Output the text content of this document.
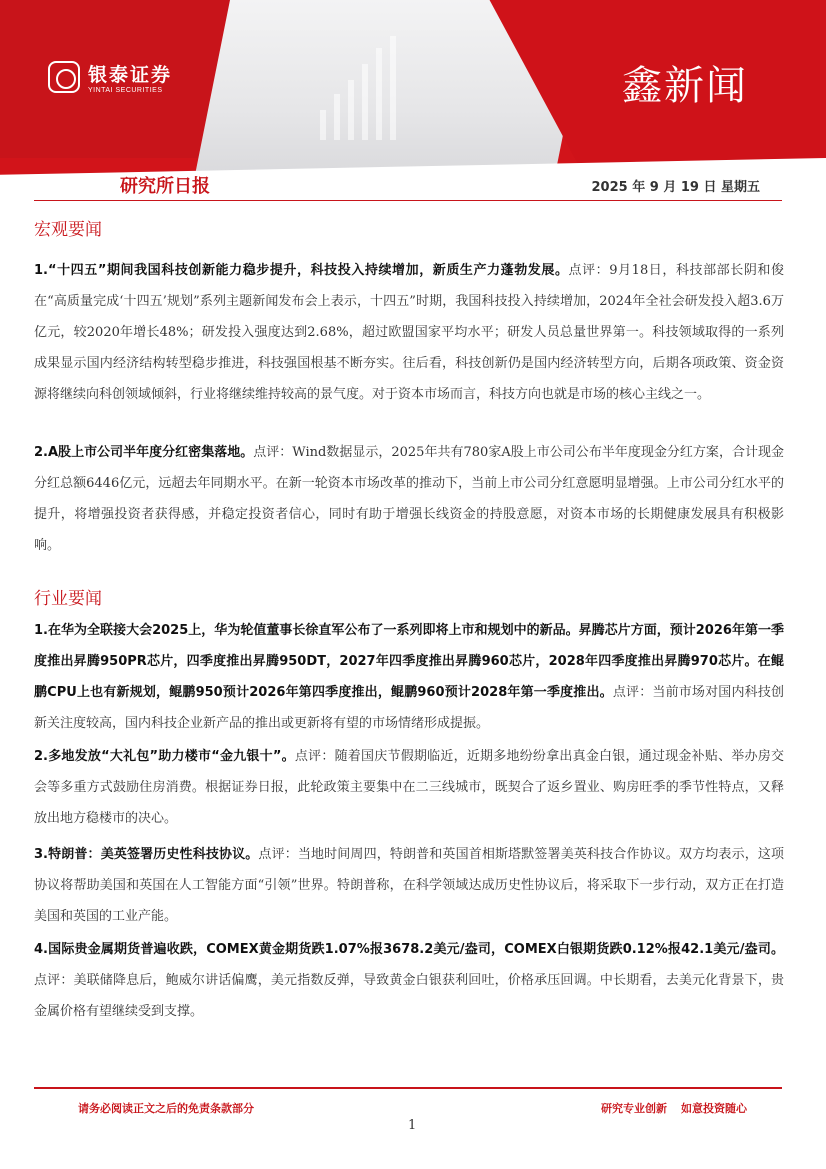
银泰证券
YINTAI SECURITIES	鑫新闻
研究所日报	2025 年 9 月 19 日 星期五
宏观要闻
1.“十四五”期间我国科技创新能力稳步提升，科技投入持续增加，新质生产力蓬勃发展。点评：9月18日，科技部部长阴和俊在“高质量完成‘十四五’规划”系列主题新闻发布会上表示，十四五”时期，我国科技投入持续增加，2024年全社会研发投入超3.6万亿元，较2020年增长48%；研发投入强度达到2.68%，超过欧盟国家平均水平；研发人员总量世界第一。科技领域取得的一系列成果显示国内经济结构转型稳步推进，科技强国根基不断夯实。往后看，科技创新仍是国内经济转型方向，后期各项政策、资金资源将继续向科创领域倾斜，行业将继续维持较高的景气度。对于资本市场而言，科技方向也就是市场的核心主线之一。
2.A股上市公司半年度分红密集落地。点评：Wind数据显示，2025年共有780家A股上市公司公布半年度现金分红方案，合计现金分红总额6446亿元，远超去年同期水平。在新一轮资本市场改革的推动下，当前上市公司分红意愿明显增强。上市公司分红水平的提升，将增强投资者获得感，并稳定投资者信心，同时有助于增强长线资金的持股意愿，对资本市场的长期健康发展具有积极影响。
行业要闻
1.在华为全联接大会2025上，华为轮值董事长徐直军公布了一系列即将上市和规划中的新品。昇腾芯片方面，预计2026年第一季度推出昇腾950PR芯片，四季度推出昇腾950DT，2027年四季度推出昇腾960芯片，2028年四季度推出昇腾970芯片。在鲲鹏CPU上也有新规划，鲲鹏950预计2026年第四季度推出，鲲鹏960预计2028年第一季度推出。点评：当前市场对国内科技创新关注度较高，国内科技企业新产品的推出或更新将有望的市场情绪形成提振。
2.多地发放“大礼包”助力楼市“金九银十”。点评：随着国庆节假期临近，近期多地纷纷拿出真金白银，通过现金补贴、举办房交会等多重方式鼓励住房消费。根据证券日报，此轮政策主要集中在二三线城市，既契合了返乡置业、购房旺季的季节性特点，又释放出地方稳楼市的决心。
3.特朗普：美英签署历史性科技协议。点评：当地时间周四，特朗普和英国首相斯塔默签署美英科技合作协议。双方均表示，这项协议将帮助美国和英国在人工智能方面“引领”世界。特朗普称，在科学领域达成历史性协议后，将采取下一步行动，双方正在打造美国和英国的工业产能。
4.国际贵金属期货普遍收跌，COMEX黄金期货跌1.07%报3678.2美元/盎司，COMEX白银期货跌0.12%报42.1美元/盎司。点评：美联储降息后，鲍威尔讲话偏鹰，美元指数反弹，导致黄金白银获利回吐，价格承压回调。中长期看，去美元化背景下，贵金属价格有望继续受到支撑。
请务必阅读正文之后的免责条款部分	研究专业创新 如意投资随心
1
